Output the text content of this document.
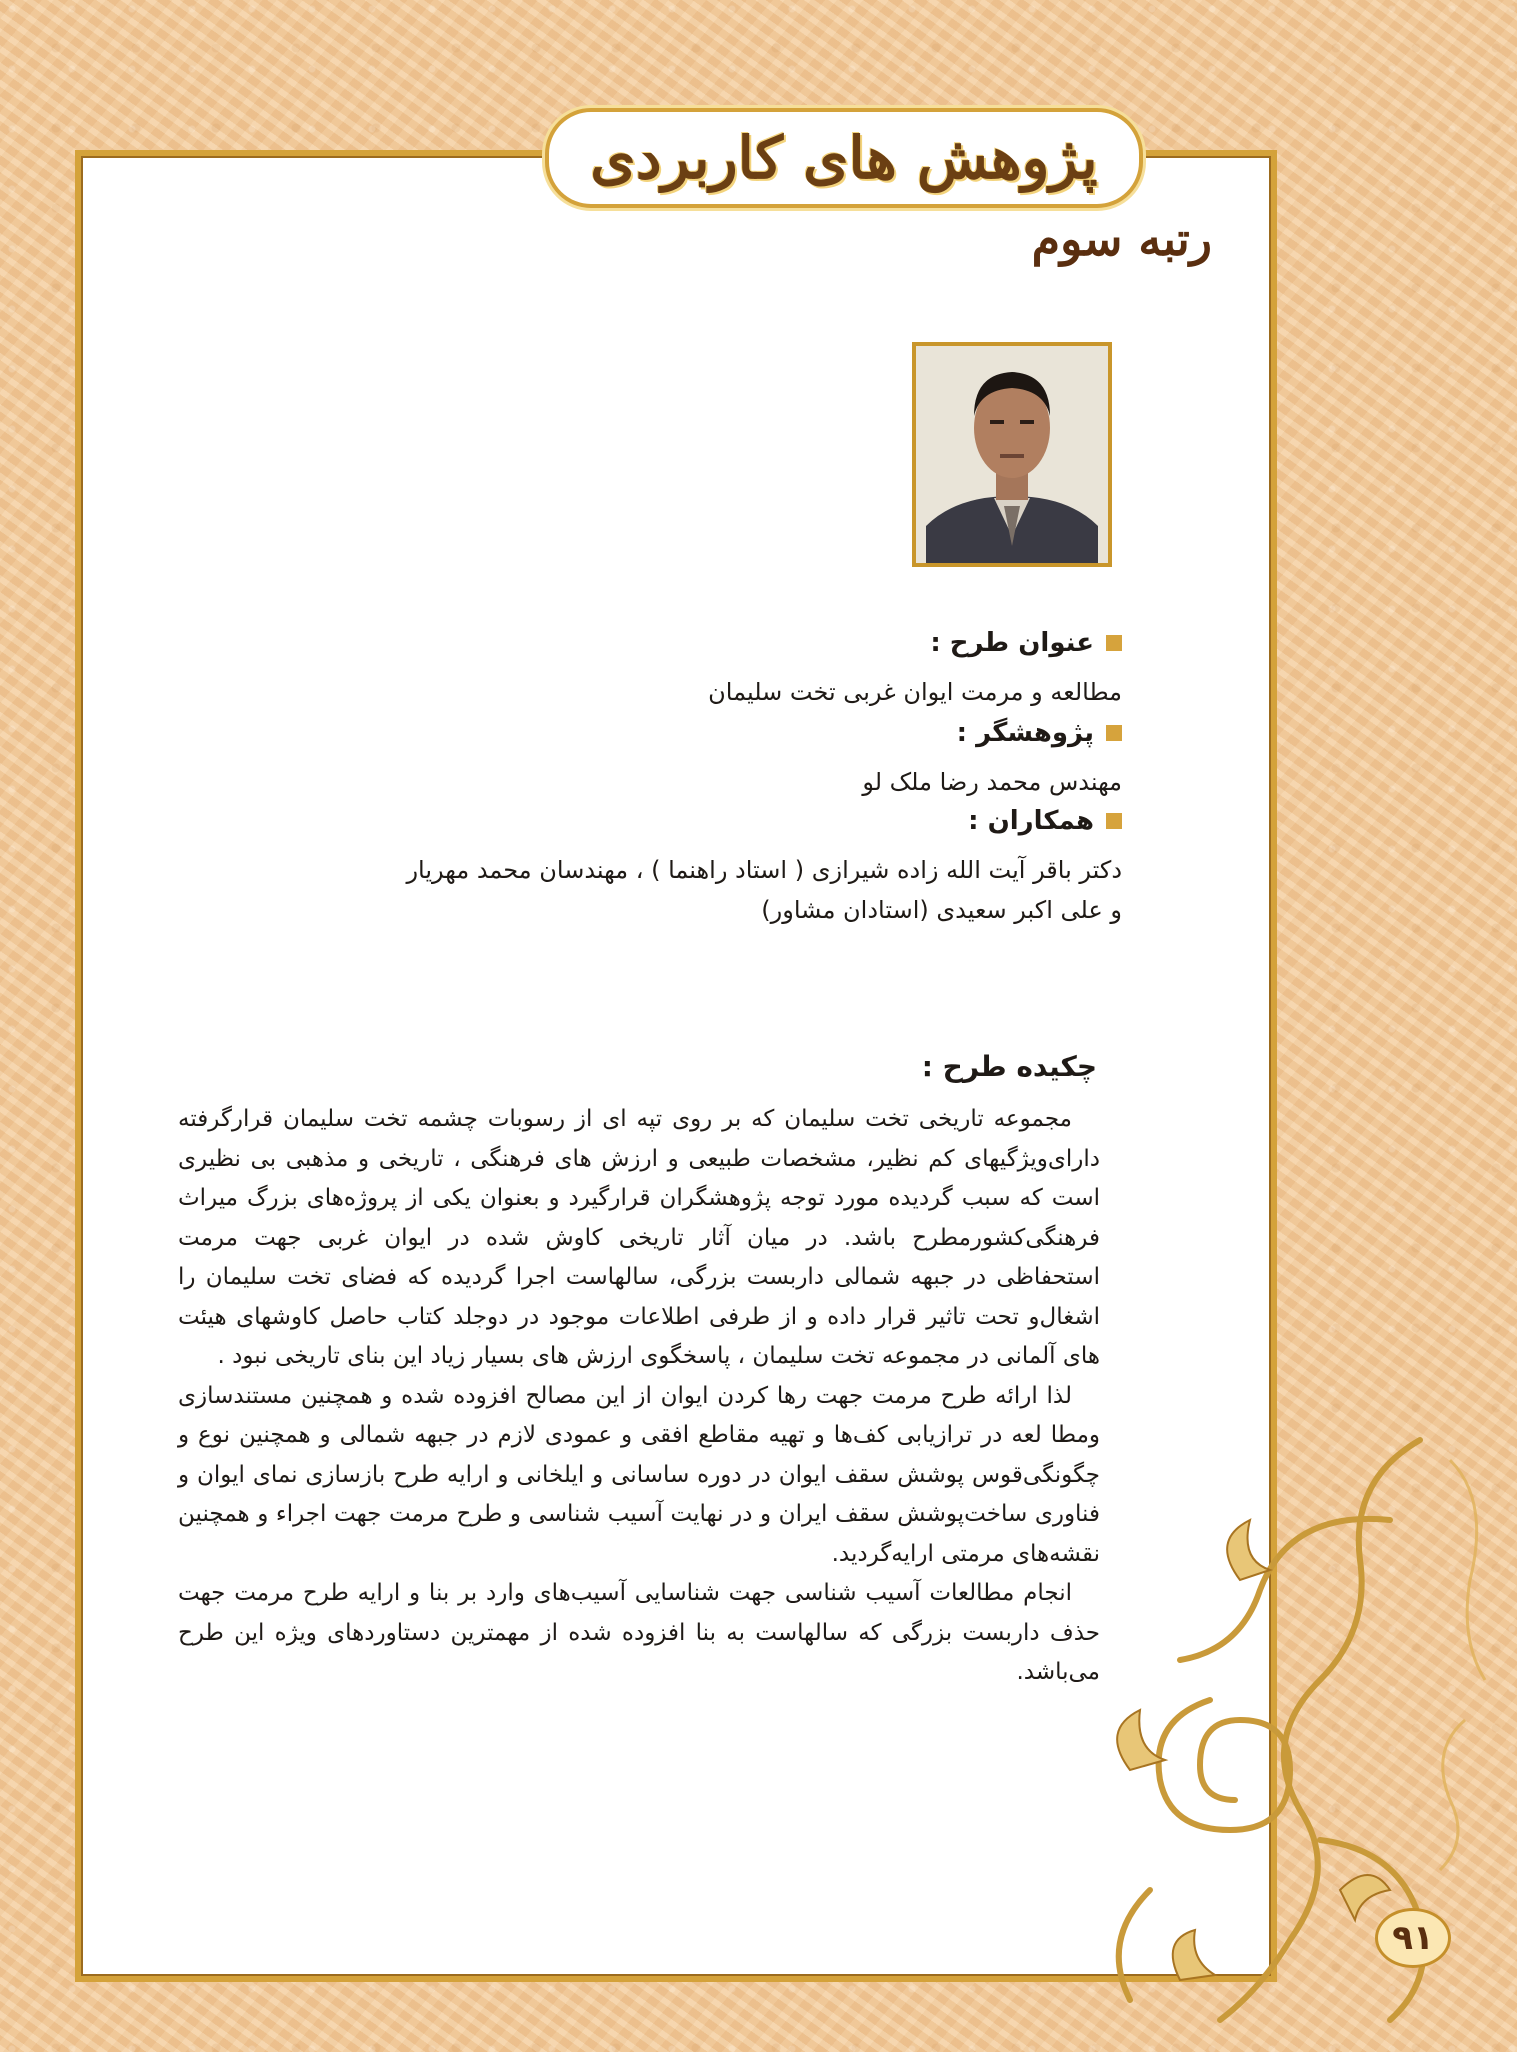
پژوهش های کاربردی
رتبه سوم
عنوان طرح :
مطالعه و مرمت ایوان غربی تخت سلیمان
پژوهشگر :
مهندس محمد رضا ملک لو
همکاران :
دکتر باقر آیت الله زاده شیرازی ( استاد راهنما ) ، مهندسان محمد مهریار
و علی اکبر سعیدی (استادان مشاور)
چکیده طرح :

مجموعه تاریخی تخت سلیمان که بر روی تپه ای از رسوبات چشمه تخت سلیمان قرارگرفته دارای‌ویژگیهای کم نظیر، مشخصات طبیعی و ارزش های فرهنگی ، تاریخی و مذهبی بی نظیری است که سبب گردیده مورد توجه پژوهشگران قرارگیرد و بعنوان یکی از پروژه‌های بزرگ میراث فرهنگی‌کشورمطرح باشد. در میان آثار تاریخی کاوش شده در ایوان غربی جهت مرمت استحفاظی در جبهه شمالی داربست بزرگی، سالهاست اجرا گردیده که فضای تخت سلیمان را اشغال‌و تحت تاثیر قرار داده و از طرفی اطلاعات موجود در دوجلد کتاب حاصل کاوشهای هیئت های آلمانی در مجموعه تخت سلیمان ، پاسخگوی ارزش های بسیار زیاد این بنای تاریخی نبود .

لذا ارائه طرح مرمت جهت رها کردن ایوان از این مصالح افزوده شده و همچنین مستندسازی ومطا لعه در ترازیابی کف‌ها و تهیه مقاطع افقی و عمودی لازم در جبهه شمالی و همچنین نوع و چگونگی‌قوس پوشش سقف ایوان در دوره ساسانی و ایلخانی و ارایه طرح بازسازی نمای ایوان و فناوری ساخت‌پوشش سقف ایران و در نهایت آسیب شناسی و طرح مرمت جهت اجراء و همچنین نقشه‌های مرمتی ارایه‌گردید.

انجام مطالعات آسیب شناسی جهت شناسایی آسیب‌های وارد بر بنا و ارایه طرح مرمت جهت حذف داربست بزرگی که سالهاست به بنا افزوده شده از مهمترین دستاوردهای ویژه این طرح می‌باشد.

۹۱
